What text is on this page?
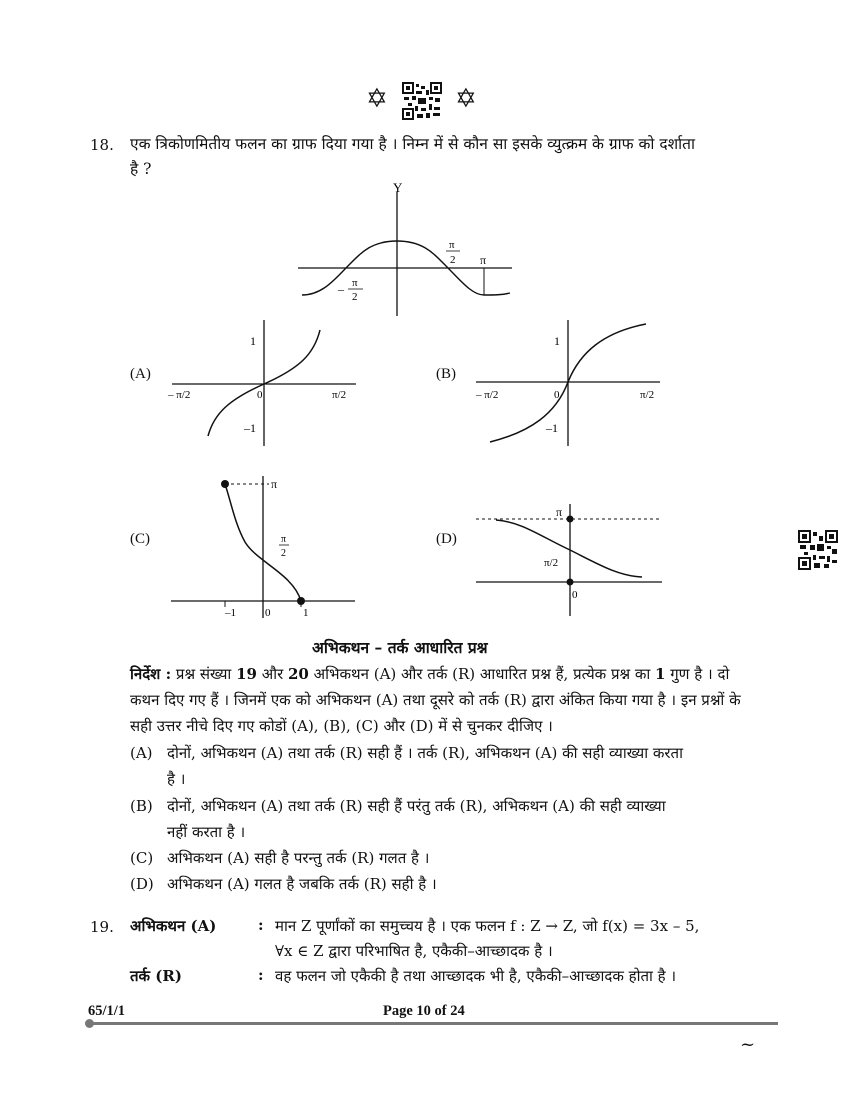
✡	✡
18. एक त्रिकोणमितीय फलन का ग्राफ दिया गया है । निम्न में से कौन सा इसके व्युत्क्रम के ग्राफ को दर्शाता
है ?
Y
π
2 π
– π
2
(A)
1
–1
– π/2	π/2
0
(B)
1
–1
– π/2	π/2
0
(C)
π
π
2
–1	0	1
(D)
π
π/2
0
अभिकथन – तर्क आधारित प्रश्न
निर्देश : प्रश्न संख्या 19 और 20 अभिकथन (A) और तर्क (R) आधारित प्रश्न हैं, प्रत्येक प्रश्न का 1 गुण है । दो कथन दिए गए हैं । जिनमें एक को अभिकथन (A) तथा दूसरे को तर्क (R) द्वारा अंकित किया गया है । इन प्रश्नों के सही उत्तर नीचे दिए गए कोडों (A), (B), (C) और (D) में से चुनकर दीजिए ।
(A) दोनों, अभिकथन (A) तथा तर्क (R) सही हैं । तर्क (R), अभिकथन (A) की सही व्याख्या करता
है ।
(B) दोनों, अभिकथन (A) तथा तर्क (R) सही हैं परंतु तर्क (R), अभिकथन (A) की सही व्याख्या
नहीं करता है ।
(C) अभिकथन (A) सही है परन्तु तर्क (R) गलत है ।
(D) अभिकथन (A) गलत है जबकि तर्क (R) सही है ।
19. अभिकथन (A)	: मान Z पूर्णांकों का समुच्चय है । एक फलन f : Z → Z, जो f(x) = 3x – 5,
∀x ∈ Z द्वारा परिभाषित है, एकैकी–आच्छादक है ।
तर्क (R)	: वह फलन जो एकैकी है तथा आच्छादक भी है, एकैकी–आच्छादक होता है ।
65/1/1	Page 10 of 24
~
